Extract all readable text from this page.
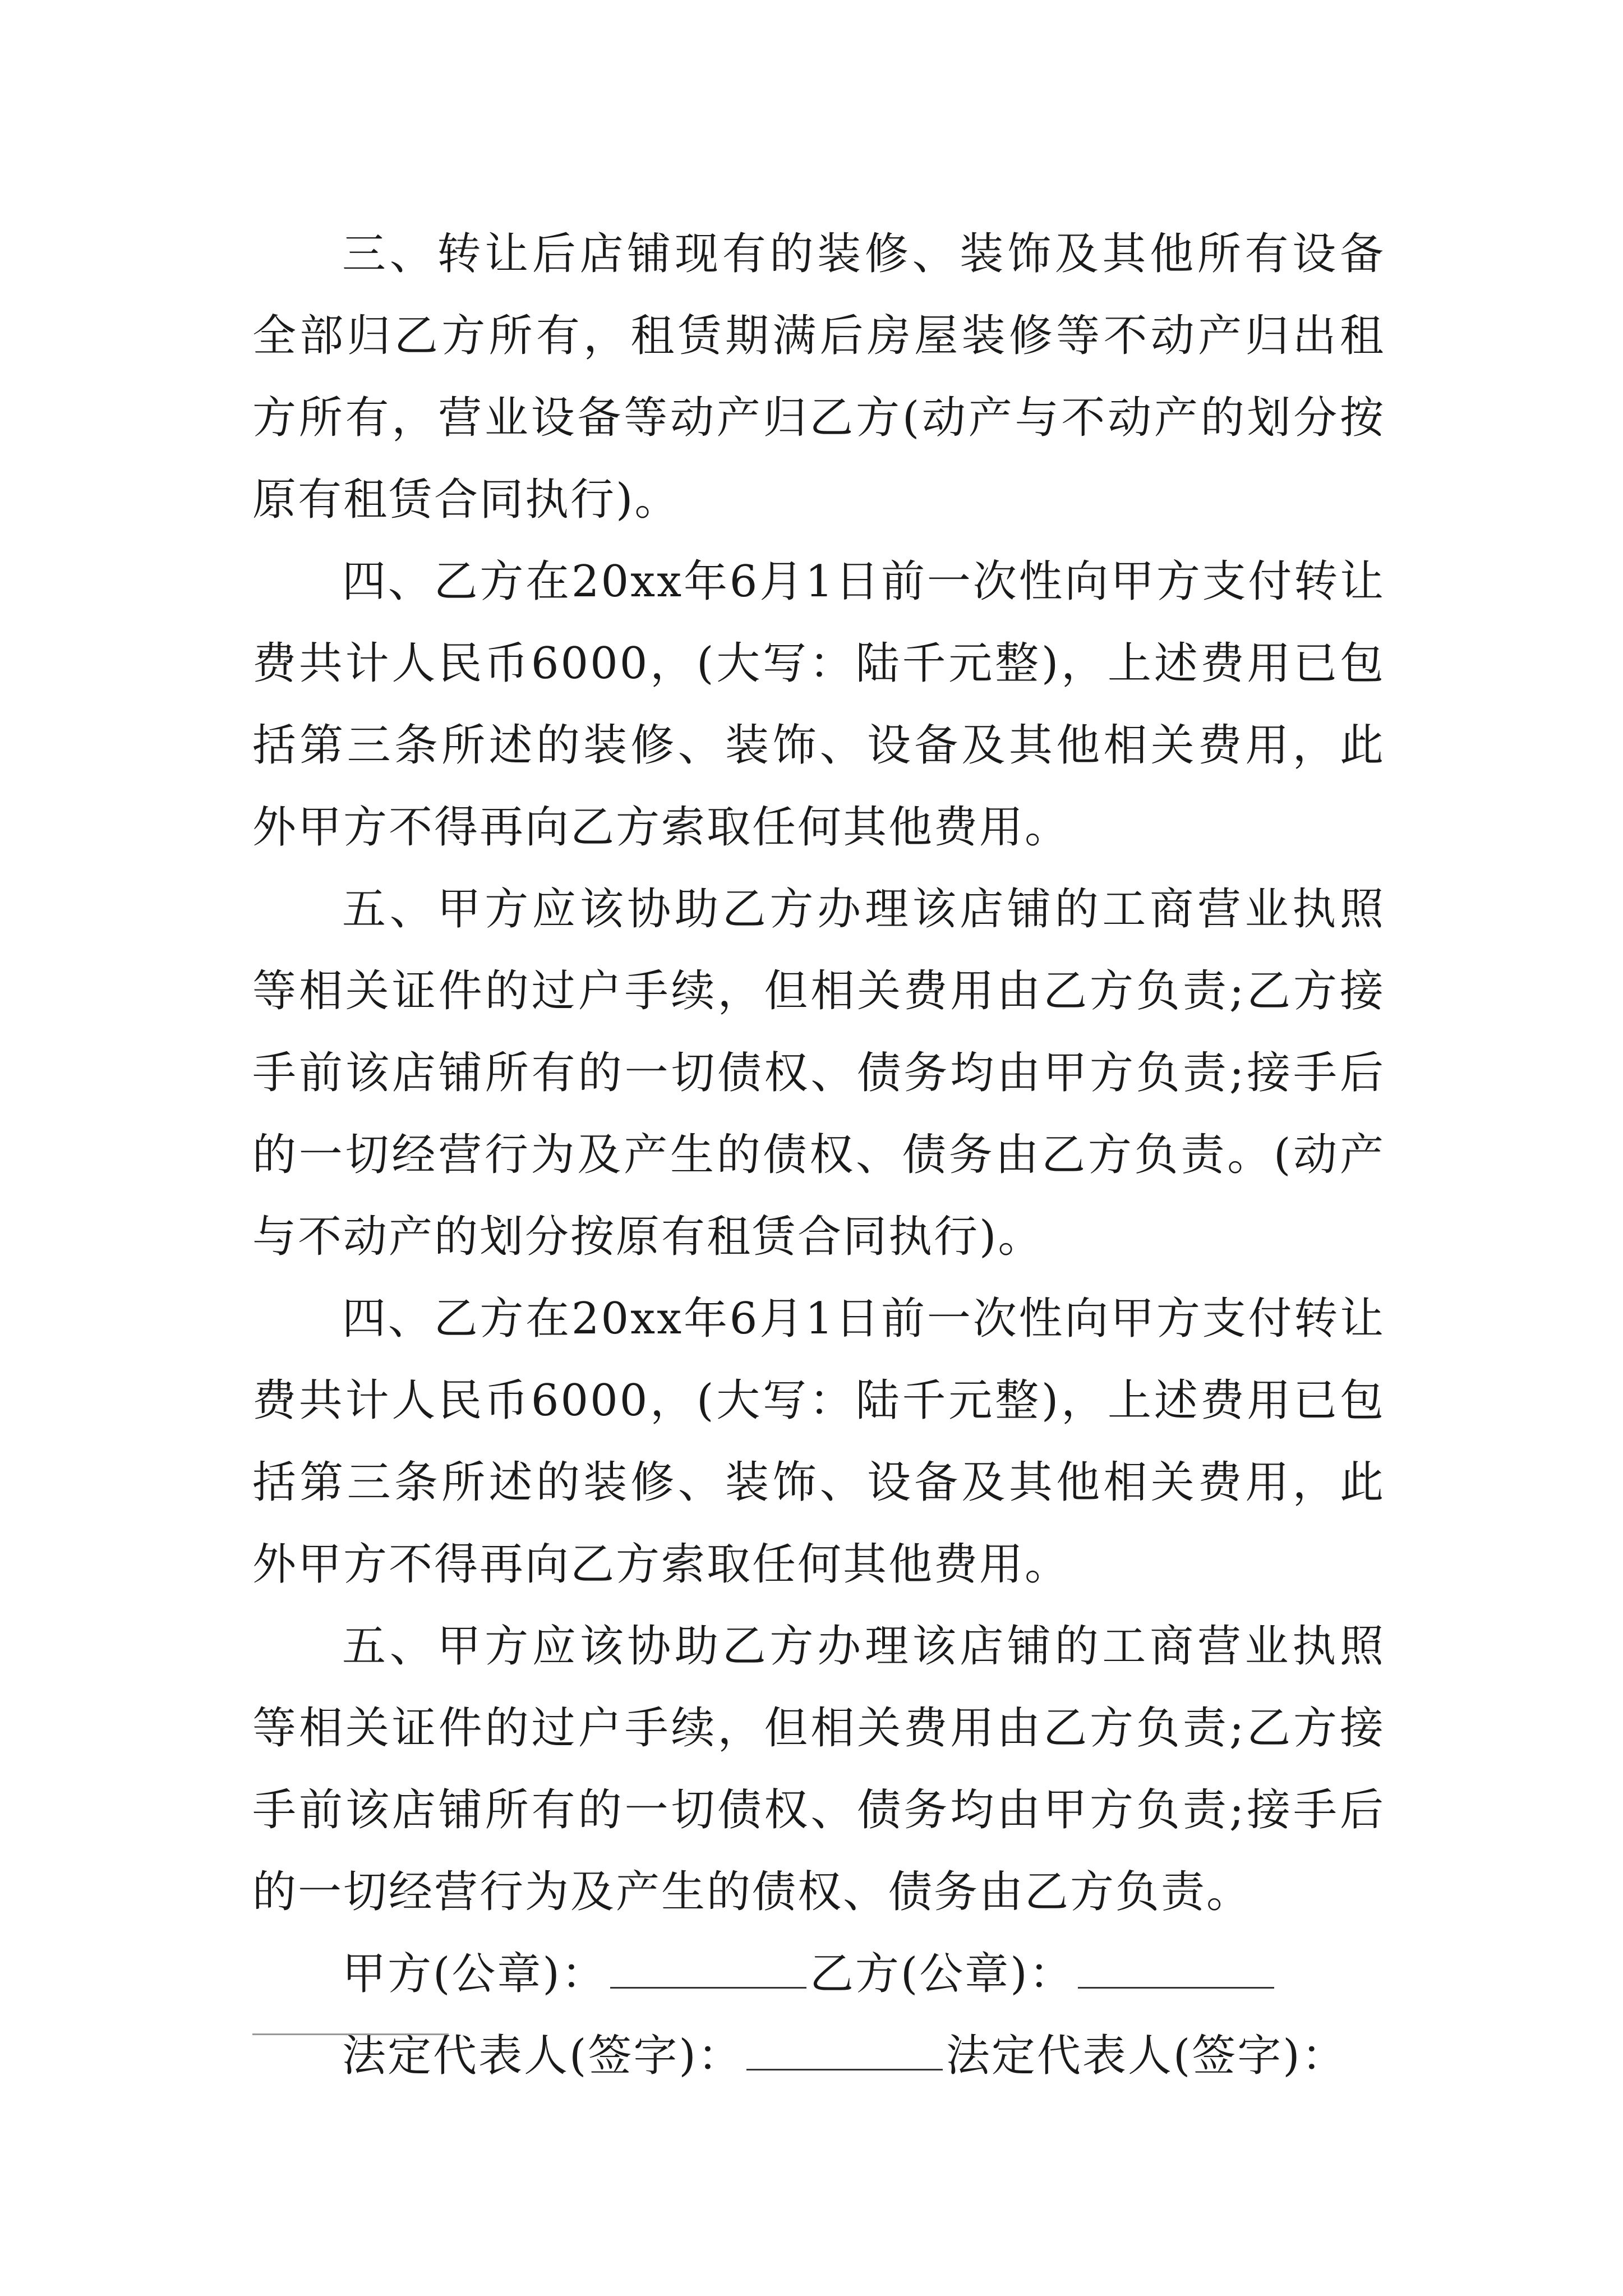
三、转让后店铺现有的装修、装饰及其他所有设备全部归乙方所有，租赁期满后房屋装修等不动产归出租方所有，营业设备等动产归乙方(动产与不动产的划分按原有租赁合同执行)。

四、乙方在20xx年6月1日前一次性向甲方支付转让费共计人民币6000，(大写：陆千元整)，上述费用已包括第三条所述的装修、装饰、设备及其他相关费用，此外甲方不得再向乙方索取任何其他费用。

五、甲方应该协助乙方办理该店铺的工商营业执照等相关证件的过户手续，但相关费用由乙方负责;乙方接手前该店铺所有的一切债权、债务均由甲方负责;接手后的一切经营行为及产生的债权、债务由乙方负责。(动产与不动产的划分按原有租赁合同执行)。

四、乙方在20xx年6月1日前一次性向甲方支付转让费共计人民币6000，(大写：陆千元整)，上述费用已包括第三条所述的装修、装饰、设备及其他相关费用，此外甲方不得再向乙方索取任何其他费用。

五、甲方应该协助乙方办理该店铺的工商营业执照等相关证件的过户手续，但相关费用由乙方负责;乙方接手前该店铺所有的一切债权、债务均由甲方负责;接手后的一切经营行为及产生的债权、债务由乙方负责。

甲方(公章)：	乙方(公章)：

法定代表人(签字)：	法定代表人(签字)：
